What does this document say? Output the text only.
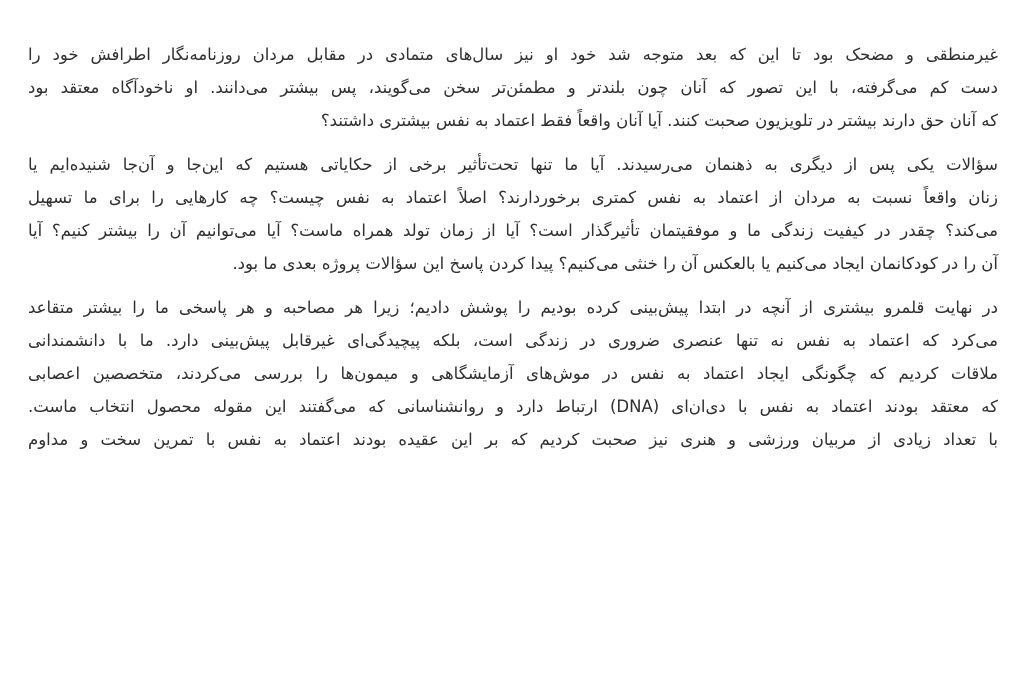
غیرمنطقی و مضحک بود تا این که بعد متوجه شد خود او نیز سال‌های متمادی در مقابل مردان روزنامه‌نگار اطرافش خود را
دست کم می‌گرفته، با این تصور که آنان چون بلندتر و مطمئن‌تر سخن می‌گویند، پس بیشتر می‌دانند. او ناخودآگاه معتقد بود
که آنان حق دارند بیشتر در تلویزیون صحبت کنند. آیا آنان واقعاً فقط اعتماد به نفس بیشتری داشتند؟

سؤالات یکی پس از دیگری به ذهنمان می‌رسیدند. آیا ما تنها تحت‌تأثیر برخی از حکایاتی هستیم که این‌جا و آن‌جا شنیده‌ایم یا
زنان واقعاً نسبت به مردان از اعتماد به نفس کمتری برخوردارند؟ اصلاً اعتماد به نفس چیست؟ چه کارهایی را برای ما تسهیل
می‌کند؟ چقدر در کیفیت زندگی ما و موفقیتمان تأثیرگذار است؟ آیا از زمان تولد همراه ماست؟ آیا می‌توانیم آن را بیشتر کنیم؟ آیا
آن را در کودکانمان ایجاد می‌کنیم یا بالعکس آن را خنثی می‌کنیم؟ پیدا کردن پاسخ این سؤالات پروژه بعدی ما بود.

در نهایت قلمرو بیشتری از آنچه در ابتدا پیش‌بینی کرده بودیم را پوشش دادیم؛ زیرا هر مصاحبه و هر پاسخی ما را بیشتر متقاعد
می‌کرد که اعتماد به نفس نه تنها عنصری ضروری در زندگی است، بلکه پیچیدگی‌ای غیرقابل پیش‌بینی دارد. ما با دانشمندانی
ملاقات کردیم که چگونگی ایجاد اعتماد به نفس در موش‌های آزمایشگاهی و میمون‌ها را بررسی می‌کردند، متخصصین اعصابی
که معتقد بودند اعتماد به نفس با دی‌ان‌ای (DNA) ارتباط دارد و روانشناسانی که می‌گفتند این مقوله محصول انتخاب ماست.
با تعداد زیادی از مربیان ورزشی و هنری نیز صحبت کردیم که بر این عقیده بودند اعتماد به نفس با تمرین سخت و مداوم
